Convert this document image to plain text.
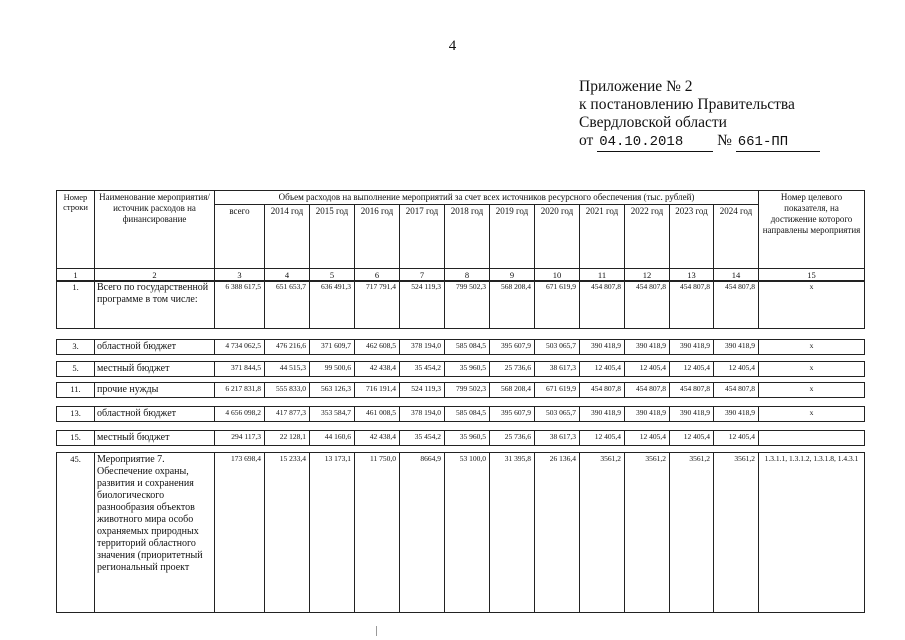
4
Приложение № 2
к постановлению Правительства
Свердловской области
от 04.10.2018 № 661-ПП
Номер строки	Наименование мероприятия/источник расходов на финансирование	Объем расходов на выполнение мероприятий за счет всех источников ресурсного обеспечения (тыс. рублей)												Номер целевого показателя, на достижение которого направлены мероприятия
		всего	2014 год	2015 год	2016 год	2017 год	2018 год	2019 год	2020 год	2021 год	2022 год	2023 год	2024 год	
1	2	3	4	5	6	7	8	9	10	11	12	13	14	15
1.	Всего по государственной программе в том числе:	6 388 617,5	651 653,7	636 491,3	717 791,4	524 119,3	799 502,3	568 208,4	671 619,9	454 807,8	454 807,8	454 807,8	454 807,8	х
3.	областной бюджет	4 734 062,5	476 216,6	371 609,7	462 608,5	378 194,0	585 084,5	395 607,9	503 065,7	390 418,9	390 418,9	390 418,9	390 418,9	х
5.	местный бюджет	371 844,5	44 515,3	99 500,6	42 438,4	35 454,2	35 960,5	25 736,6	38 617,3	12 405,4	12 405,4	12 405,4	12 405,4	х
11.	прочие нужды	6 217 831,8	555 833,0	563 126,3	716 191,4	524 119,3	799 502,3	568 208,4	671 619,9	454 807,8	454 807,8	454 807,8	454 807,8	х
13.	областной бюджет	4 656 098,2	417 877,3	353 584,7	461 008,5	378 194,0	585 084,5	395 607,9	503 065,7	390 418,9	390 418,9	390 418,9	390 418,9	х
15.	местный бюджет	294 117,3	22 128,1	44 160,6	42 438,4	35 454,2	35 960,5	25 736,6	38 617,3	12 405,4	12 405,4	12 405,4	12 405,4	
45.	Мероприятие 7. Обеспечение охраны, развития и сохранения биологического разнообразия объектов животного мира особо охраняемых природных территорий областного значения (приоритетный региональный проект	173 698,4	15 233,4	13 173,1	11 750,0	8664,9	53 100,0	31 395,8	26 136,4	3561,2	3561,2	3561,2	3561,2	1.3.1.1, 1.3.1.2, 1.3.1.8, 1.4.3.1
